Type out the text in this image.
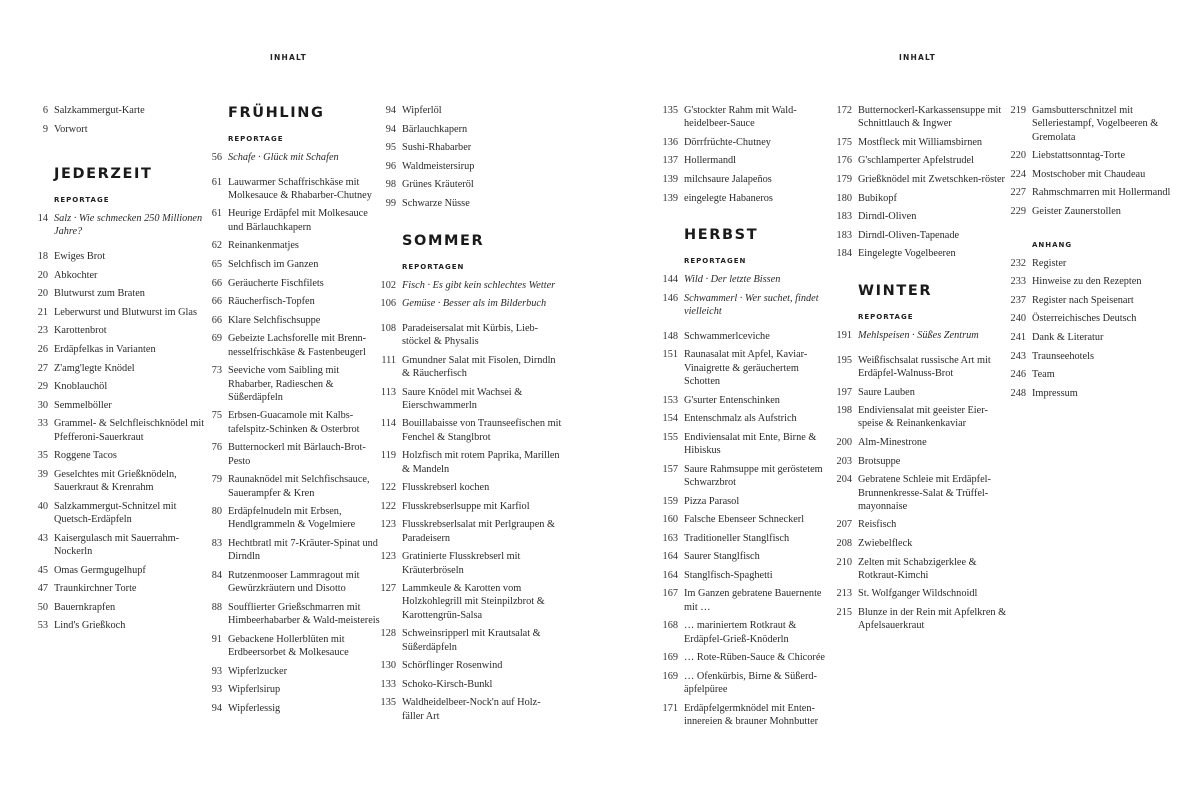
INHALT	INHALT
6 Salzkammergut-Karte
9 Vorwort
JEDERZEIT
REPORTAGE
14 Salz · Wie schmecken 250 Millionen Jahre?
18 Ewiges Brot
20 Abkochter
20 Blutwurst zum Braten
21 Leberwurst und Blutwurst im Glas
23 Karottenbrot
26 Erdäpfelkas in Varianten
27 Z'amg'legte Knödel
29 Knoblauchöl
30 Semmelböller
33 Grammel- & Selchfleischknödel mit Pfefferoni-Sauerkraut
35 Roggene Tacos
39 Geselchtes mit Grießknödeln, Sauerkraut & Krenrahm
40 Salzkammergut-Schnitzel mit Quetsch-Erdäpfeln
43 Kaisergulasch mit Sauerrahm-Nockerln
45 Omas Germgugelhupf
47 Traunkirchner Torte
50 Bauernkrapfen
53 Lind's Grießkoch
FRÜHLING
REPORTAGE
56 Schafe · Glück mit Schafen
61 Lauwarmer Schaffrischkäse mit Molkesauce & Rhabarber-Chutney
61 Heurige Erdäpfel mit Molkesauce und Bärlauchkapern
62 Reinankenmatjes
65 Selchfisch im Ganzen
66 Geräucherte Fischfilets
66 Räucherfisch-Topfen
66 Klare Selchfischsuppe
69 Gebeizte Lachsforelle mit Brenn-nesselfrischkäse & Fastenbeugerl
73 Seeviche vom Saibling mit Rhabarber, Radieschen & Süßerdäpfeln
75 Erbsen-Guacamole mit Kalbs-tafelspitz-Schinken & Osterbrot
76 Butternockerl mit Bärlauch-Brot-Pesto
79 Raunaknödel mit Selchfischsauce, Sauerampfer & Kren
80 Erdäpfelnudeln mit Erbsen, Hendlgrammeln & Vogelmiere
83 Hechtbratl mit 7-Kräuter-Spinat und Dirndln
84 Rutzenmooser Lammragout mit Gewürzkräutern und Disotto
88 Soufflierter Grießschmarren mit Himbeerhabarber & Wald-meistereis
91 Gebackene Hollerblüten mit Erdbeersorbet & Molkesauce
93 Wipferlzucker
93 Wipferlsirup
94 Wipferlessig
94 Wipferlöl
94 Bärlauchkapern
95 Sushi-Rhabarber
96 Waldmeistersirup
98 Grünes Kräuteröl
99 Schwarze Nüsse
SOMMER
REPORTAGEN
102 Fisch · Es gibt kein schlechtes Wetter
106 Gemüse · Besser als im Bilderbuch
108 Paradeisersalat mit Kürbis, Lieb-stöckel & Physalis
111 Gmundner Salat mit Fisolen, Dirndln & Räucherfisch
113 Saure Knödel mit Wachsei & Eierschwammerln
114 Bouillabaisse von Traunseefischen mit Fenchel & Stanglbrot
119 Holzfisch mit rotem Paprika, Marillen & Mandeln
122 Flusskrebserl kochen
122 Flusskrebserlsuppe mit Karfiol
123 Flusskrebserlsalat mit Perlgraupen & Paradeisern
123 Gratinierte Flusskrebserl mit Kräuterbröseln
127 Lammkeule & Karotten vom Holzkohlegrill mit Steinpilzbrot & Karottengrün-Salsa
128 Schweinsripperl mit Krautsalat & Süßerdäpfeln
130 Schörflinger Rosenwind
133 Schoko-Kirsch-Bunkl
135 Waldheidelbeer-Nock'n auf Holz-fäller Art
135 G'stockter Rahm mit Wald-heidelbeer-Sauce
136 Dörrfrüchte-Chutney
137 Hollermandl
139 milchsaure Jalapeños
139 eingelegte Habaneros
HERBST
REPORTAGEN
144 Wild · Der letzte Bissen
146 Schwammerl · Wer suchet, findet vielleicht
148 Schwammerlceviche
151 Raunasalat mit Apfel, Kaviar-Vinaigrette & geräuchertem Schotten
153 G'surter Entenschinken
154 Entenschmalz als Aufstrich
155 Endiviensalat mit Ente, Birne & Hibiskus
157 Saure Rahmsuppe mit geröstetem Schwarzbrot
159 Pizza Parasol
160 Falsche Ebenseer Schneckerl
163 Traditioneller Stanglfisch
164 Saurer Stanglfisch
164 Stanglfisch-Spaghetti
167 Im Ganzen gebratene Bauernente mit …
168 … mariniertem Rotkraut & Erdäpfel-Grieß-Knöderln
169 … Rote-Rüben-Sauce & Chicorée
169 … Ofenkürbis, Birne & Süßerd-äpfelpüree
171 Erdäpfelgermknödel mit Enten-innereien & brauner Mohnbutter
172 Butternockerl-Karkassensuppe mit Schnittlauch & Ingwer
175 Mostfleck mit Williamsbirnen
176 G'schlamperter Apfelstrudel
179 Grießknödel mit Zwetschken-röster
180 Bubikopf
183 Dirndl-Oliven
183 Dirndl-Oliven-Tapenade
184 Eingelegte Vogelbeeren
WINTER
REPORTAGE
191 Mehlspeisen · Süßes Zentrum
195 Weißfischsalat russische Art mit Erdäpfel-Walnuss-Brot
197 Saure Lauben
198 Endiviensalat mit geeister Eier-speise & Reinankenkaviar
200 Alm-Minestrone
203 Brotsuppe
204 Gebratene Schleie mit Erdäpfel-Brunnenkresse-Salat & Trüffel-mayonnaise
207 Reisfisch
208 Zwiebelfleck
210 Zelten mit Schabzigerklee & Rotkraut-Kimchi
213 St. Wolfganger Wildschnoidl
215 Blunze in der Rein mit Apfelkren & Apfelsauerkraut
219 Gamsbutterschnitzel mit Selleriestampf, Vogelbeeren & Gremolata
220 Liebstattsonntag-Torte
224 Mostschober mit Chaudeau
227 Rahmschmarren mit Hollermandl
229 Geister Zaunerstollen
ANHANG
232 Register
233 Hinweise zu den Rezepten
237 Register nach Speisenart
240 Österreichisches Deutsch
241 Dank & Literatur
243 Traunseehotels
246 Team
248 Impressum
